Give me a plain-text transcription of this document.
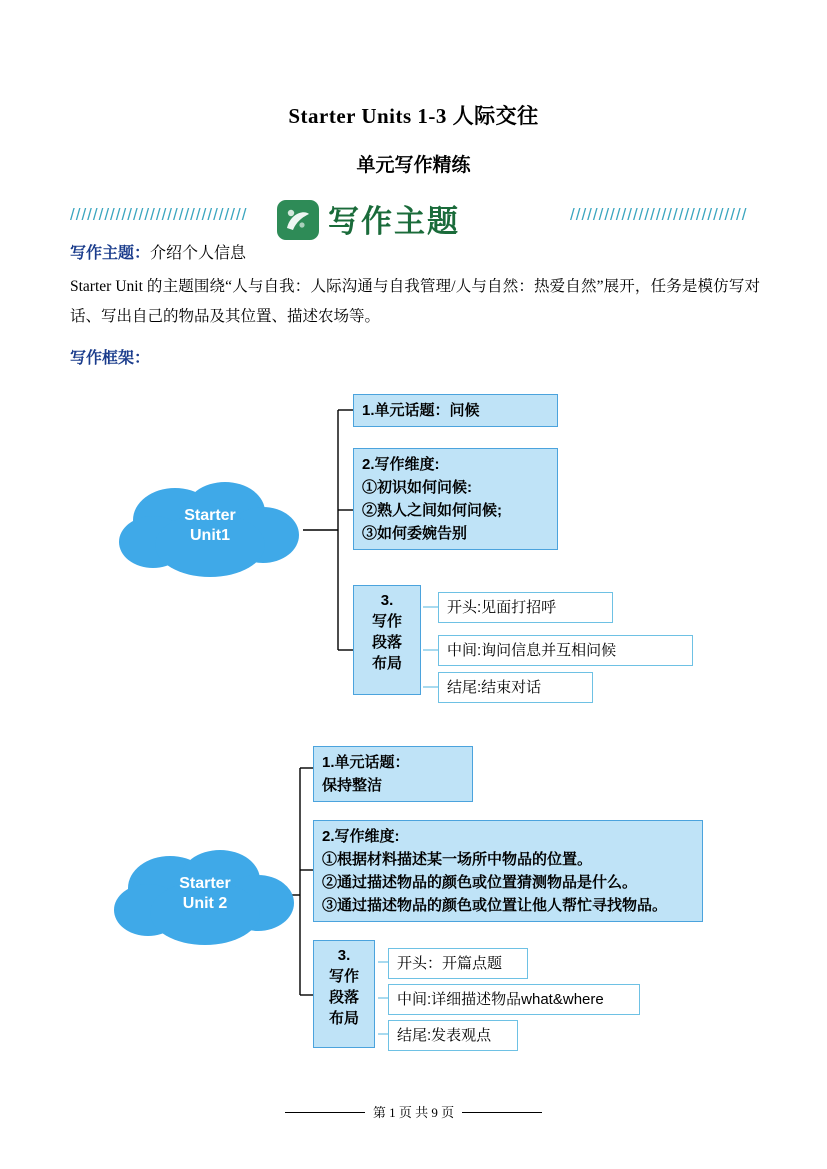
Starter Units 1-3 人际交往
单元写作精练
///////////////////////////////	///////////////////////////////
写作主题
写作主题：介绍个人信息
Starter Unit 的主题围绕“人与自我：人际沟通与自我管理/人与自然：热爱自然”展开，任务是模仿写对话、写出自己的物品及其位置、描述农场等。
写作框架：
Starter
Unit1
1.单元话题：问候
2.写作维度:
①初识如何问候:
②熟人之间如何问候;
③如何委婉告别
3.
写作
段落
布局
开头:见面打招呼
中间:询问信息并互相问候
结尾:结束对话
Starter
Unit 2
1.单元话题：
保持整洁
2.写作维度:
①根据材料描述某一场所中物品的位置。
②通过描述物品的颜色或位置猜测物品是什么。
③通过描述物品的颜色或位置让他人帮忙寻找物品。
3.
写作
段落
布局
开头：开篇点题
中间:详细描述物品what&where
结尾:发表观点
第 1 页 共 9 页
